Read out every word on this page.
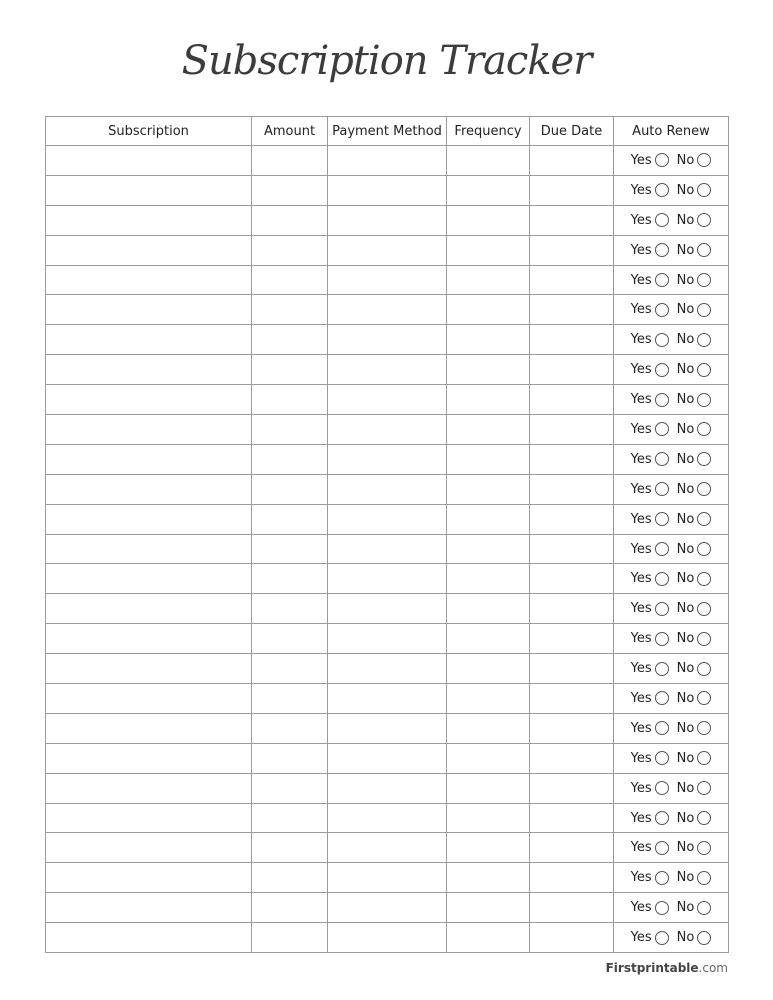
Subscription Tracker
Subscription	Amount	Payment Method	Frequency	Due Date	Auto Renew

					Yes No

					Yes No

					Yes No

					Yes No

					Yes No

					Yes No

					Yes No

					Yes No

					Yes No

					Yes No

					Yes No

					Yes No

					Yes No

					Yes No

					Yes No

					Yes No

					Yes No

					Yes No

					Yes No

					Yes No

					Yes No

					Yes No

					Yes No

					Yes No

					Yes No

					Yes No

					Yes No
Firstprintable.com
